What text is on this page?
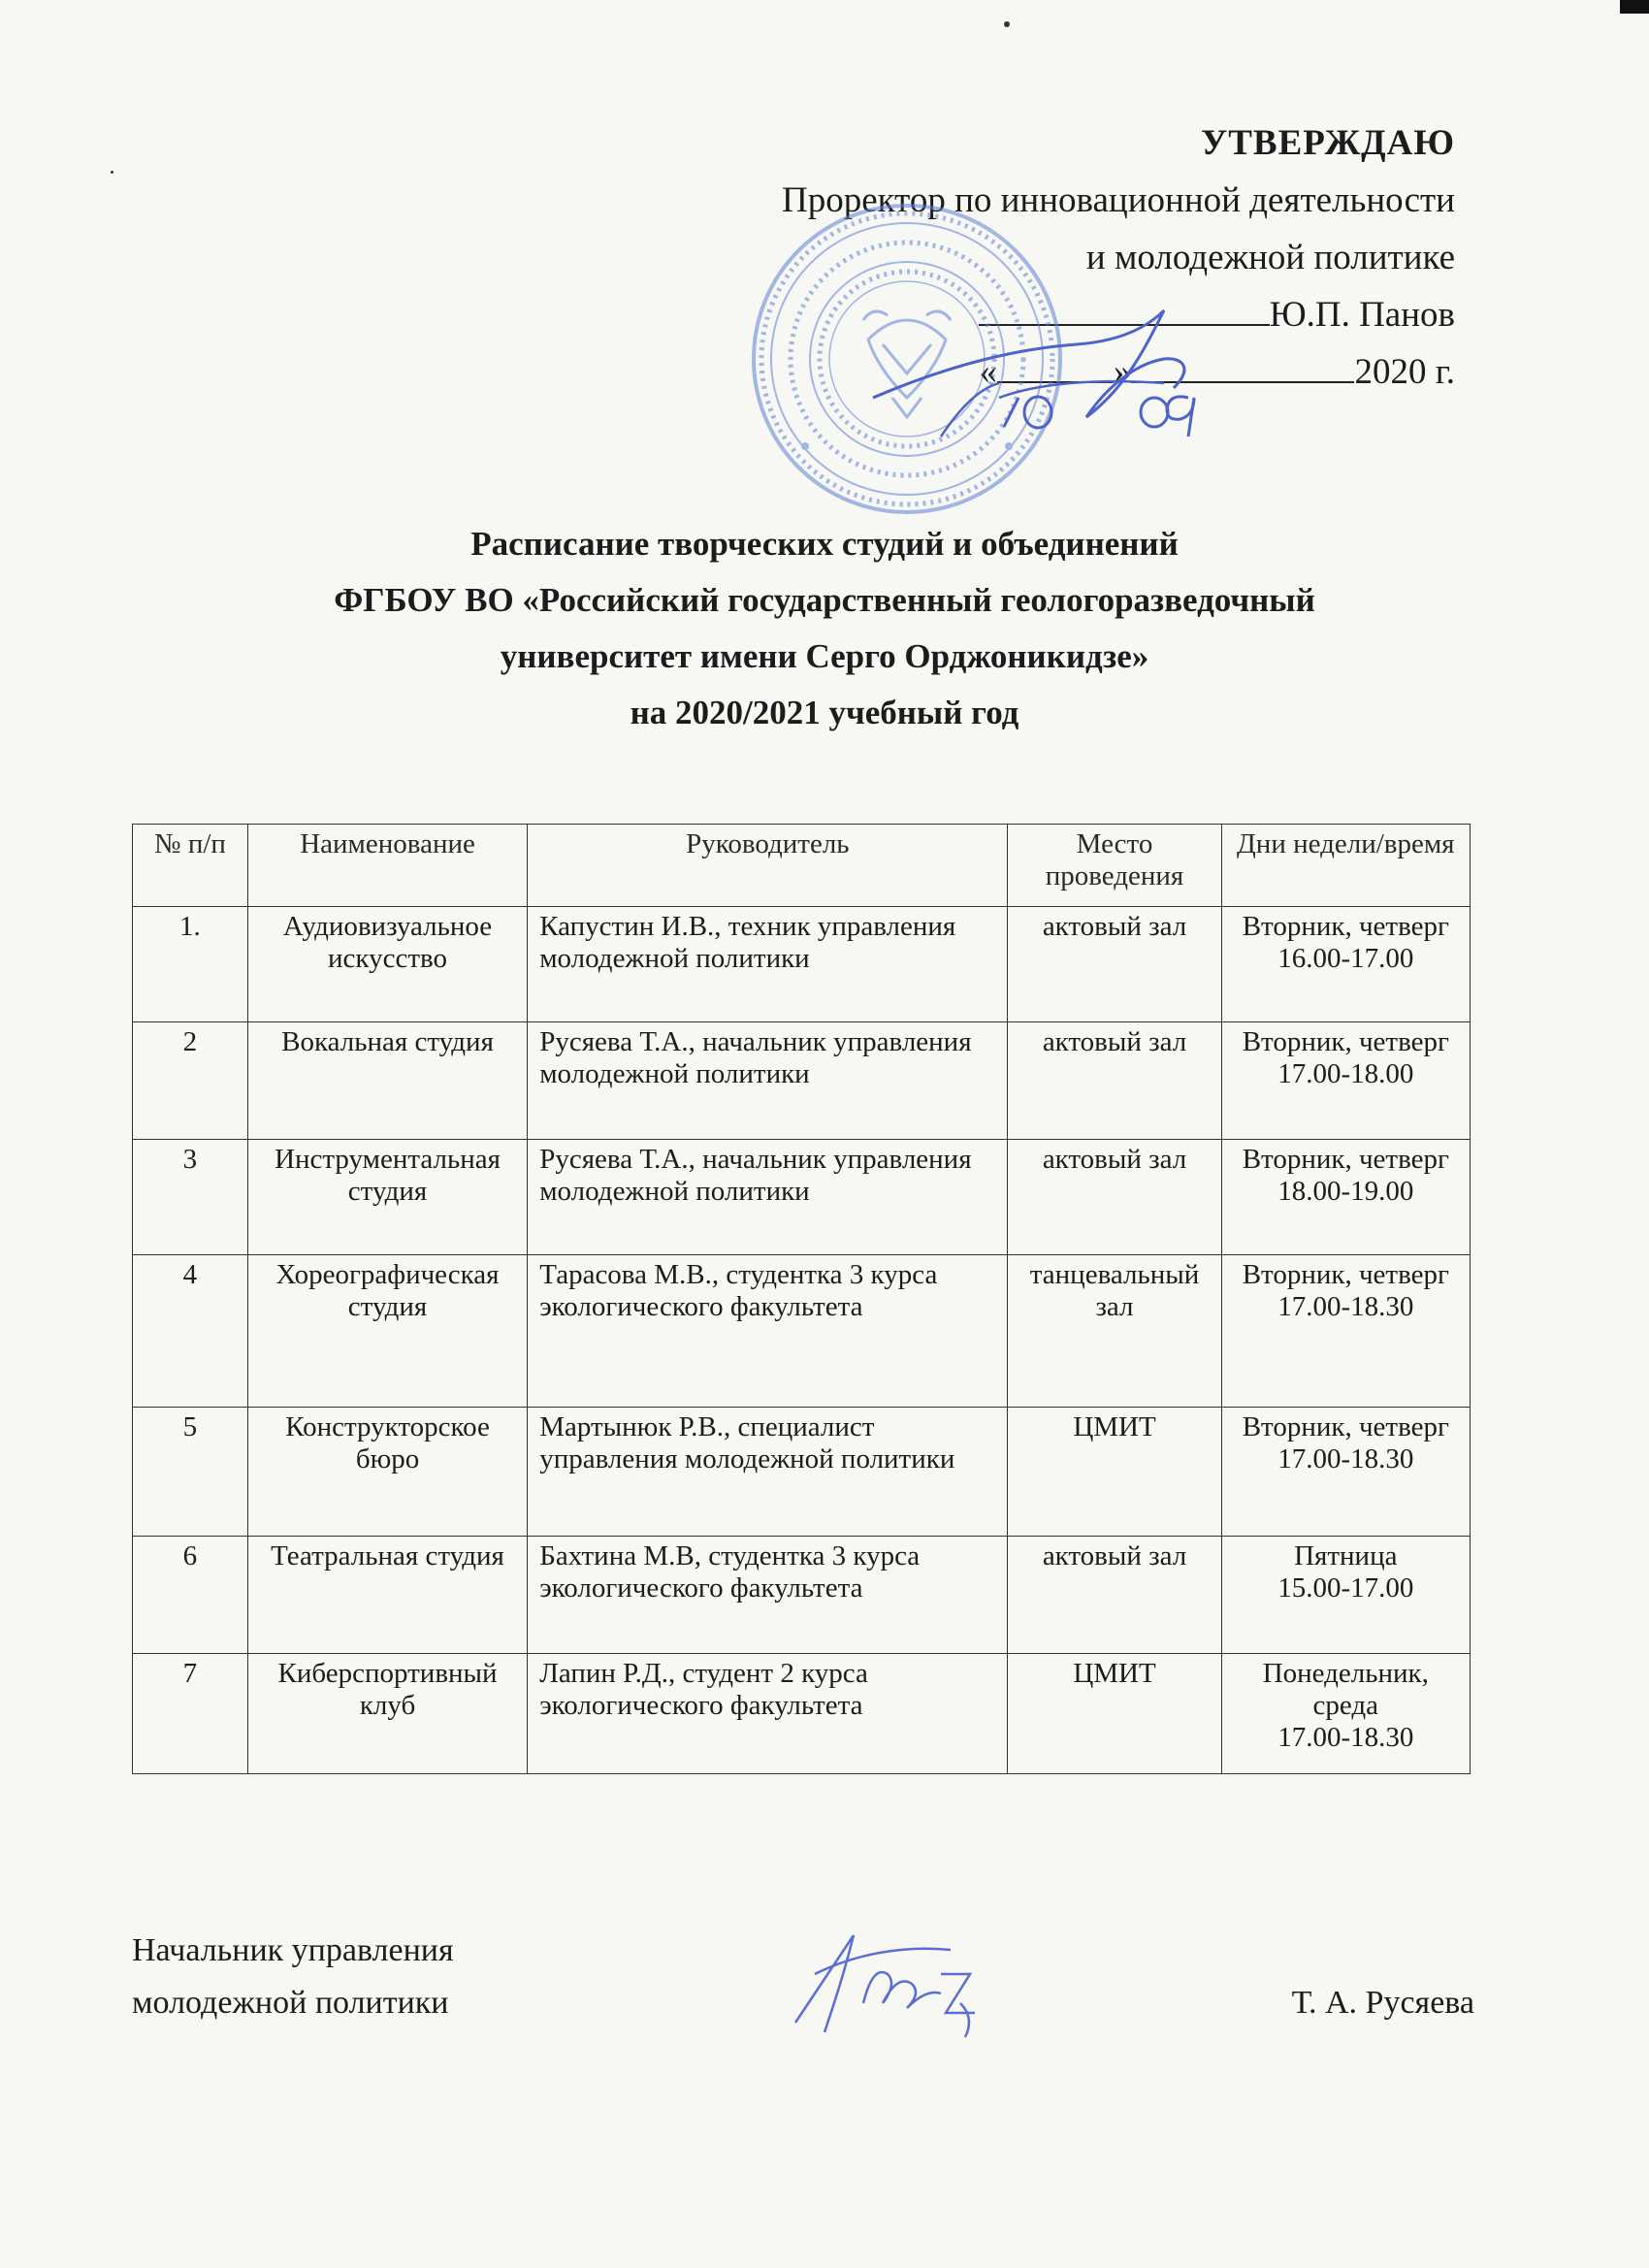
УТВЕРЖДАЮ
Проректор по инновационной деятельности
и молодежной политике
Ю.П. Панов
«	»	2020 г.
Расписание творческих студий и объединений
ФГБОУ ВО «Российский государственный геологоразведочный
университет имени Серго Орджоникидзе»
на 2020/2021 учебный год
№ п/п	Наименование	Руководитель	Место проведения	Дни недели/время
1.	Аудиовизуальное искусство	Капустин И.В., техник управления молодежной политики	актовый зал	Вторник, четверг
16.00-17.00
2	Вокальная студия	Русяева Т.А., начальник управления молодежной политики	актовый зал	Вторник, четверг
17.00-18.00
3	Инструментальная студия	Русяева Т.А., начальник управления молодежной политики	актовый зал	Вторник, четверг
18.00-19.00
4	Хореографическая студия	Тарасова М.В., студентка 3 курса экологического факультета	танцевальный зал	Вторник, четверг
17.00-18.30
5	Конструкторское бюро	Мартынюк Р.В., специалист управления молодежной политики	ЦМИТ	Вторник, четверг
17.00-18.30
6	Театральная студия	Бахтина М.В, студентка 3 курса экологического факультета	актовый зал	Пятница
15.00-17.00
7	Киберспортивный клуб	Лапин Р.Д., студент 2 курса экологического факультета	ЦМИТ	Понедельник, среда
17.00-18.30
Начальник управления
молодежной политики	Т. А. Русяева
